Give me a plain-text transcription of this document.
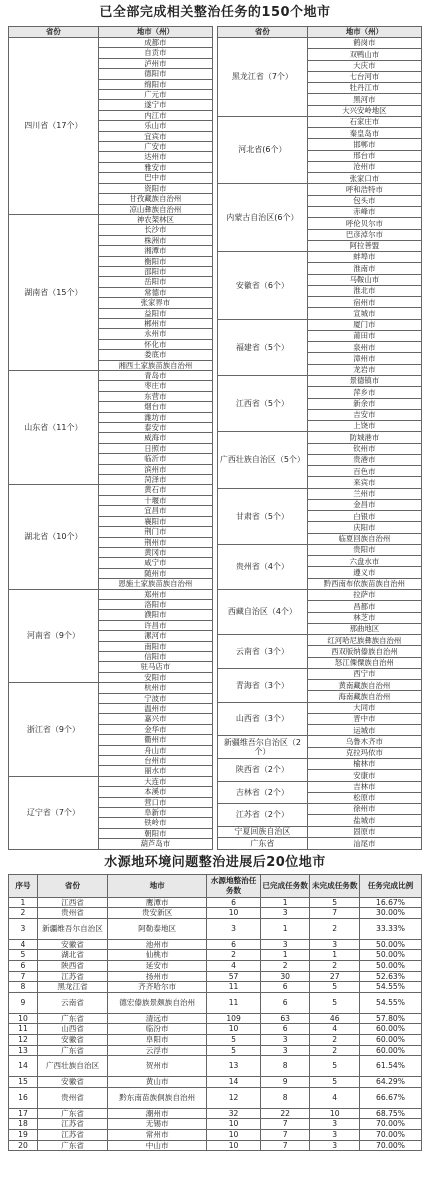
已全部完成相关整治任务的150个地市
省份	地市（州）
四川省（17个）	成都市
	自贡市
	泸州市
	德阳市
	绵阳市
	广元市
	遂宁市
	内江市
	乐山市
	宜宾市
	广安市
	达州市
	雅安市
	巴中市
	资阳市
	甘孜藏族自治州
	凉山彝族自治州
湖南省（15个）	神农架林区
	长沙市
	株洲市
	湘潭市
	衡阳市
	邵阳市
	岳阳市
	常德市
	张家界市
	益阳市
	郴州市
	永州市
	怀化市
	娄底市
	湘西土家族苗族自治州
山东省（11个）	青岛市
	枣庄市
	东营市
	烟台市
	潍坊市
	泰安市
	威海市
	日照市
	临沂市
	滨州市
	菏泽市
湖北省（10个）	黄石市
	十堰市
	宜昌市
	襄阳市
	荆门市
	荆州市
	黄冈市
	咸宁市
	随州市
	恩施土家族苗族自治州
河南省（9个）	郑州市
	洛阳市
	濮阳市
	许昌市
	漯河市
	南阳市
	信阳市
	驻马店市
	安阳市
浙江省（9个）	杭州市
	宁波市
	温州市
	嘉兴市
	金华市
	衢州市
	舟山市
	台州市
	丽水市
辽宁省（7个）	大连市
	本溪市
	营口市
	阜新市
	铁岭市
	朝阳市
	葫芦岛市
省份	地市（州）
黑龙江省（7个）	鹤岗市
	双鸭山市
	大庆市
	七台河市
	牡丹江市
	黑河市
	大兴安岭地区
河北省(6个）	石家庄市
	秦皇岛市
	邯郸市
	邢台市
	沧州市
	张家口市
内蒙古自治区(6个）	呼和浩特市
	包头市
	赤峰市
	呼伦贝尔市
	巴彦淖尔市
	阿拉善盟
安徽省（6个）	蚌埠市
	淮南市
	马鞍山市
	淮北市
	宿州市
	宣城市
福建省（5个）	厦门市
	莆田市
	泉州市
	漳州市
	龙岩市
江西省（5个）	景德镇市
	萍乡市
	新余市
	吉安市
	上饶市
广西壮族自治区（5个）	防城港市
	钦州市
	贵港市
	百色市
	来宾市
甘肃省（5个）	兰州市
	金昌市
	白银市
	庆阳市
	临夏回族自治州
贵州省（4个）	贵阳市
	六盘水市
	遵义市
	黔西南布依族苗族自治州
西藏自治区（4个）	拉萨市
	昌都市
	林芝市
	那曲地区
云南省（3个）	红河哈尼族彝族自治州
	西双版纳傣族自治州
	怒江傈僳族自治州
青海省（3个）	西宁市
	黄南藏族自治州
	海南藏族自治州
山西省（3个）	大同市
	晋中市
	运城市
新疆维吾尔自治区（2个）	乌鲁木齐市
	克拉玛依市
陕西省（2个）	榆林市
	安康市
吉林省（2个）	吉林市
	松原市
江苏省（2个）	徐州市
	盐城市
宁夏回族自治区	固原市
广东省	汕尾市
水源地环境问题整治进展后20位地市
序号	省份	地市	水源地整治任务数	已完成任务数	未完成任务数	任务完成比例
1	江西省	鹰潭市	6	1	5	16.67%
2	贵州省	贵安新区	10	3	7	30.00%
3	新疆维吾尔自治区	阿勒泰地区	3	1	2	33.33%
4	安徽省	池州市	6	3	3	50.00%
5	湖北省	仙桃市	2	1	1	50.00%
6	陕西省	延安市	4	2	2	50.00%
7	江苏省	扬州市	57	30	27	52.63%
8	黑龙江省	齐齐哈尔市	11	6	5	54.55%
9	云南省	德宏傣族景颇族自治州	11	6	5	54.55%
10	广东省	清远市	109	63	46	57.80%
11	山西省	临汾市	10	6	4	60.00%
12	安徽省	阜阳市	5	3	2	60.00%
13	广东省	云浮市	5	3	2	60.00%
14	广西壮族自治区	贺州市	13	8	5	61.54%
15	安徽省	黄山市	14	9	5	64.29%
16	贵州省	黔东南苗族侗族自治州	12	8	4	66.67%
17	广东省	潮州市	32	22	10	68.75%
18	江苏省	无锡市	10	7	3	70.00%
19	江苏省	常州市	10	7	3	70.00%
20	广东省	中山市	10	7	3	70.00%
